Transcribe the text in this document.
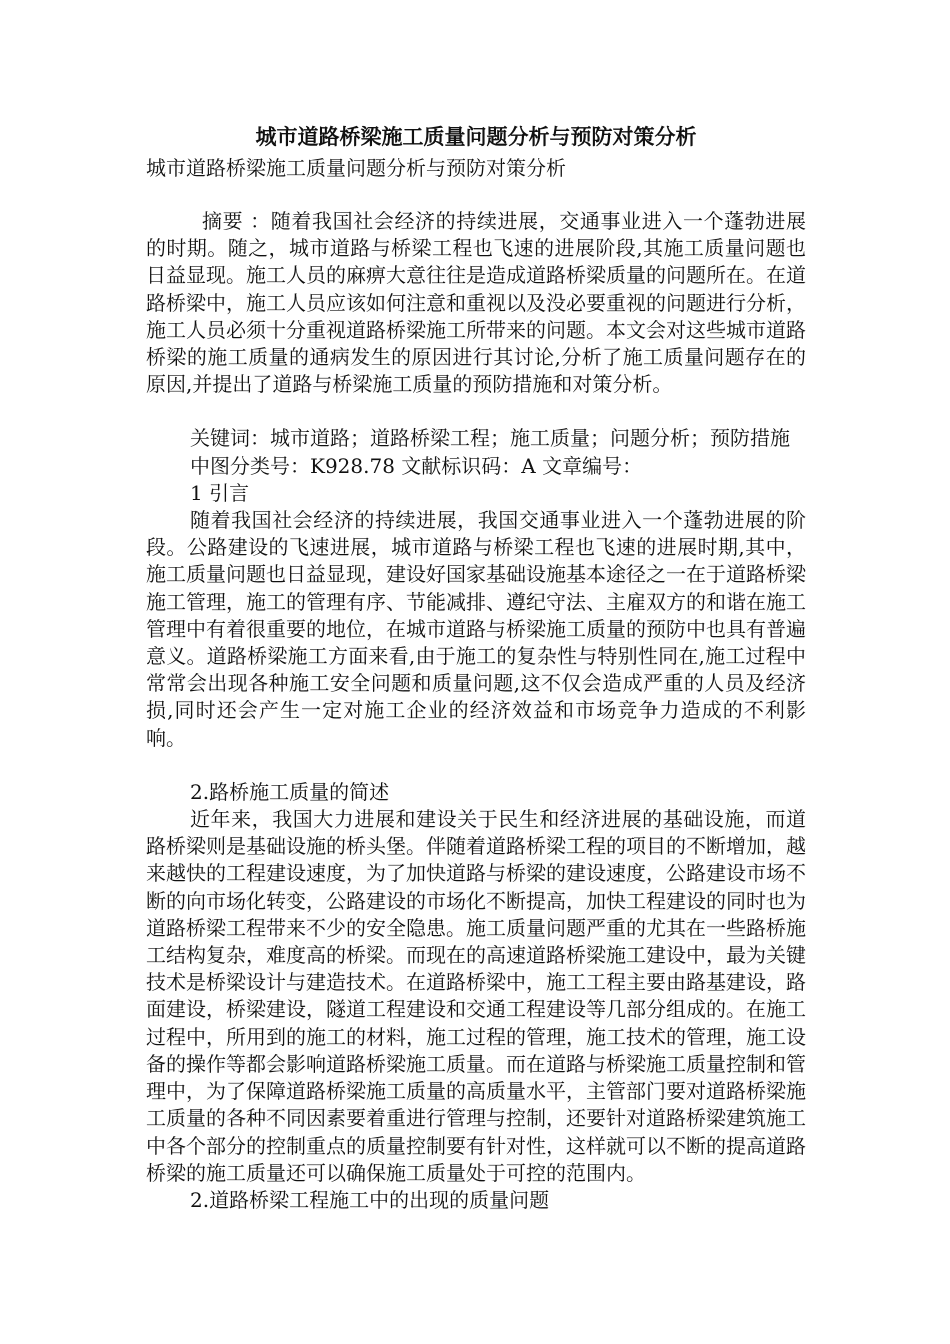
城市道路桥梁施工质量问题分析与预防对策分析
城市道路桥梁施工质量问题分析与预防对策分析

摘要 ：随着我国社会经济的持续进展，交通事业进入一个蓬勃进展的时期。随之，城市道路与桥梁工程也飞速的进展阶段,其施工质量问题也日益显现。施工人员的麻痹大意往往是造成道路桥梁质量的问题所在。在道路桥梁中，施工人员应该如何注意和重视以及没必要重视的问题进行分析，施工人员必须十分重视道路桥梁施工所带来的问题。本文会对这些城市道路桥梁的施工质量的通病发生的原因进行其讨论,分析了施工质量问题存在的原因,并提出了道路与桥梁施工质量的预防措施和对策分析。

关键词：城市道路；道路桥梁工程；施工质量；问题分析；预防措施

中图分类号：K928.78 文献标识码：A 文章编号：

1 引言

随着我国社会经济的持续进展，我国交通事业进入一个蓬勃进展的阶段。公路建设的飞速进展，城市道路与桥梁工程也飞速的进展时期,其中，施工质量问题也日益显现，建设好国家基础设施基本途径之一在于道路桥梁施工管理，施工的管理有序、节能减排、遵纪守法、主雇双方的和谐在施工管理中有着很重要的地位，在城市道路与桥梁施工质量的预防中也具有普遍意义。道路桥梁施工方面来看,由于施工的复杂性与特别性同在,施工过程中常常会出现各种施工安全问题和质量问题,这不仅会造成严重的人员及经济损,同时还会产生一定对施工企业的经济效益和市场竞争力造成的不利影响。

2.路桥施工质量的简述

近年来，我国大力进展和建设关于民生和经济进展的基础设施，而道路桥梁则是基础设施的桥头堡。伴随着道路桥梁工程的项目的不断增加，越来越快的工程建设速度，为了加快道路与桥梁的建设速度，公路建设市场不断的向市场化转变，公路建设的市场化不断提高，加快工程建设的同时也为道路桥梁工程带来不少的安全隐患。施工质量问题严重的尤其在一些路桥施工结构复杂，难度高的桥梁。而现在的高速道路桥梁施工建设中，最为关键技术是桥梁设计与建造技术。在道路桥梁中，施工工程主要由路基建设，路面建设，桥梁建设，隧道工程建设和交通工程建设等几部分组成的。在施工过程中，所用到的施工的材料，施工过程的管理，施工技术的管理，施工设备的操作等都会影响道路桥梁施工质量。而在道路与桥梁施工质量控制和管理中，为了保障道路桥梁施工质量的高质量水平，主管部门要对道路桥梁施工质量的各种不同因素要着重进行管理与控制，还要针对道路桥梁建筑施工中各个部分的控制重点的质量控制要有针对性，这样就可以不断的提高道路桥梁的施工质量还可以确保施工质量处于可控的范围内。

2.道路桥梁工程施工中的出现的质量问题
